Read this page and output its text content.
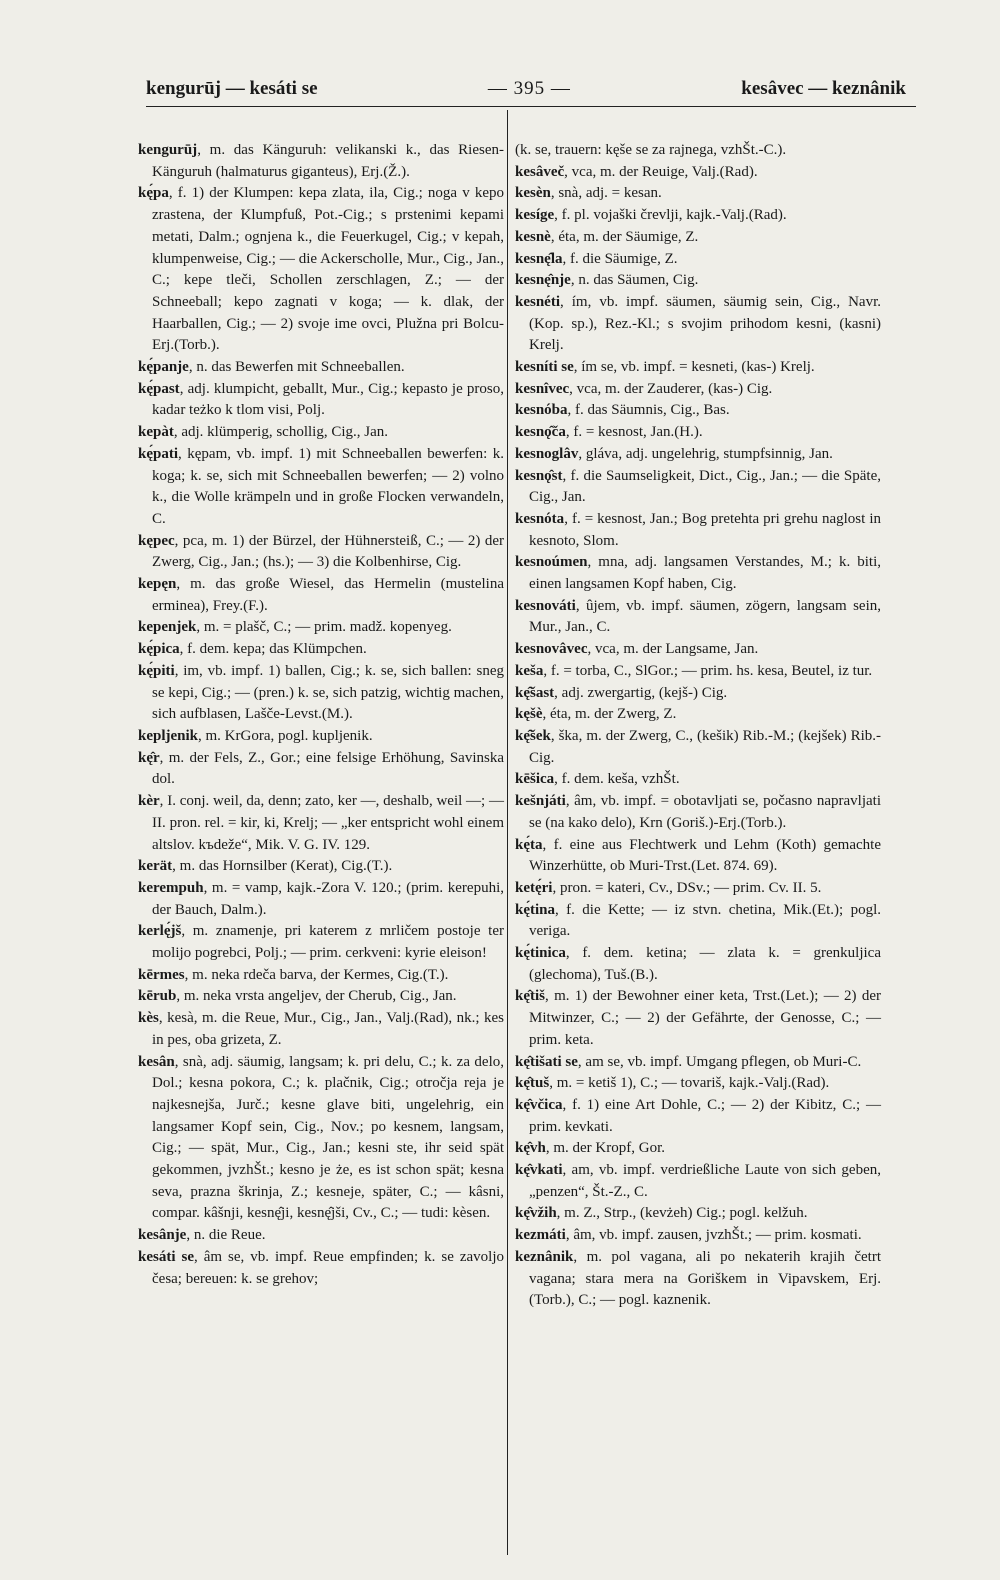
kengurūj — kesáti se	— 395 —	kesâvec — keznânik

kengurūj, m. das Känguruh: velikanski k., das Riesen-Känguruh (halmaturus giganteus), Erj.(Ž.).

kę́pa, f. 1) der Klumpen: kepa zlata, ila, Cig.; noga v kepo zrastena, der Klumpfuß, Pot.-Cig.; s prstenimi kepami metati, Dalm.; ognjena k., die Feuerkugel, Cig.; v kepah, klumpenweise, Cig.; — die Ackerscholle, Mur., Cig., Jan., C.; kepe tleči, Schollen zerschlagen, Z.; — der Schneeball; kepo zagnati v koga; — k. dlak, der Haarballen, Cig.; — 2) svoje ime ovci, Plužna pri Bolcu-Erj.(Torb.).

kę́panje, n. das Bewerfen mit Schneeballen.

kę́past, adj. klumpicht, geballt, Mur., Cig.; kepasto je proso, kadar teżko k tlom visi, Polj.

kepàt, adj. klümperig, schollig, Cig., Jan.

kę́pati, kępam, vb. impf. 1) mit Schneeballen bewerfen: k. koga; k. se, sich mit Schneeballen bewerfen; — 2) volno k., die Wolle krämpeln und in große Flocken verwandeln, C.

kępec, pca, m. 1) der Bürzel, der Hühnersteiß, C.; — 2) der Zwerg, Cig., Jan.; (hs.); — 3) die Kolbenhirse, Cig.

kepęn, m. das große Wiesel, das Hermelin (mustelina erminea), Frey.(F.).

kepenjek, m. = plašč, C.; — prim. madž. kopenyeg.

kę́pica, f. dem. kepa; das Klümpchen.

kę́piti, im, vb. impf. 1) ballen, Cig.; k. se, sich ballen: sneg se kepi, Cig.; — (pren.) k. se, sich patzig, wichtig machen, sich aufblasen, Lašče-Levst.(M.).

kepljenik, m. KrGora, pogl. kupljenik.

kę̂r, m. der Fels, Z., Gor.; eine felsige Erhöhung, Savinska dol.

kèr, I. conj. weil, da, denn; zato, ker —, deshalb, weil —; — II. pron. rel. = kir, ki, Krelj; — „ker entspricht wohl einem altslov. kъdeže“, Mik. V. G. IV. 129.

kerät, m. das Hornsilber (Kerat), Cig.(T.).

kerempuh, m. = vamp, kajk.-Zora V. 120.; (prim. kerepuhi, der Bauch, Dalm.).

kerlę́jš, m. znamenje, pri katerem z mrličem postoje ter molijo pogrebci, Polj.; — prim. cerkveni: kyrie eleison!

kērmes, m. neka rdeča barva, der Kermes, Cig.(T.).

kērub, m. neka vrsta angeljev, der Cherub, Cig., Jan.

kès, kesà, m. die Reue, Mur., Cig., Jan., Valj.(Rad), nk.; kes in pes, oba grizeta, Z.

kesân, snà, adj. säumig, langsam; k. pri delu, C.; k. za delo, Dol.; kesna pokora, C.; k. plačnik, Cig.; otročja reja je najkesnejša, Jurč.; kesne glave biti, ungelehrig, ein langsamer Kopf sein, Cig., Nov.; po kesnem, langsam, Cig.; — spät, Mur., Cig., Jan.; kesni ste, ihr seid spät gekommen, jvzhŠt.; kesno je że, es ist schon spät; kesna seva, prazna škrinja, Z.; kesneje, später, C.; — kâsni, compar. kâšnji, kesnę̂ji, kesnę̂jši, Cv., C.; — tudi: kèsen.

kesânje, n. die Reue.

kesáti se, âm se, vb. impf. Reue empfinden; k. se zavoljo česa; bereuen: k. se grehov;

(k. se, trauern: kęše se za rajnega, vzhŠt.-C.).

kesâveč, vca, m. der Reuige, Valj.(Rad).

kesèn, snà, adj. = kesan.

kesíge, f. pl. vojaški črevlji, kajk.-Valj.(Rad).

kesnè, éta, m. der Säumige, Z.

kesnę̂la, f. die Säumige, Z.

kesnę̂nje, n. das Säumen, Cig.

kesnéti, ím, vb. impf. säumen, säumig sein, Cig., Navr.(Kop. sp.), Rez.-Kl.; s svojim prihodom kesni, (kasni) Krelj.

kesníti se, ím se, vb. impf. = kesneti, (kas-) Krelj.

kesnîvec, vca, m. der Zauderer, (kas-) Cig.

kesnóba, f. das Säumnis, Cig., Bas.

kesnǫ̂ča, f. = kesnost, Jan.(H.).

kesnoglâv, gláva, adj. ungelehrig, stumpfsinnig, Jan.

kesnǫ̂st, f. die Saumseligkeit, Dict., Cig., Jan.; — die Späte, Cig., Jan.

kesnóta, f. = kesnost, Jan.; Bog pretehta pri grehu naglost in kesnoto, Slom.

kesnoúmen, mna, adj. langsamen Verstandes, M.; k. biti, einen langsamen Kopf haben, Cig.

kesnováti, ûjem, vb. impf. säumen, zögern, langsam sein, Mur., Jan., C.

kesnovâvec, vca, m. der Langsame, Jan.

keša, f. = torba, C., SlGor.; — prim. hs. kesa, Beutel, iz tur.

kę̂šast, adj. zwergartig, (kejš-) Cig.

kęšè, éta, m. der Zwerg, Z.

kę̂šek, ška, m. der Zwerg, C., (kešik) Rib.-M.; (kejšek) Rib.-Cig.

kēšica, f. dem. keša, vzhŠt.

kešnjáti, âm, vb. impf. = obotavljati se, počasno napravljati se (na kako delo), Krn (Goriš.)-Erj.(Torb.).

kę́ta, f. eine aus Flechtwerk und Lehm (Koth) gemachte Winzerhütte, ob Muri-Trst.(Let. 874. 69).

ketę́ri, pron. = kateri, Cv., DSv.; — prim. Cv. II. 5.

kę́tina, f. die Kette; — iz stvn. chetina, Mik.(Et.); pogl. veriga.

kę́tinica, f. dem. ketina; — zlata k. = grenkuljica (glechoma), Tuš.(B.).

kę̂tiš, m. 1) der Bewohner einer keta, Trst.(Let.); — 2) der Mitwinzer, C.; — 2) der Gefährte, der Genosse, C.; — prim. keta.

kę̂tišati se, am se, vb. impf. Umgang pflegen, ob Muri-C.

kę̂tuš, m. = ketiš 1), C.; — tovariš, kajk.-Valj.(Rad).

kę̂včica, f. 1) eine Art Dohle, C.; — 2) der Kibitz, C.; — prim. kevkati.

kę̂vh, m. der Kropf, Gor.

kę̂vkati, am, vb. impf. verdrießliche Laute von sich geben, „penzen“, Št.-Z., C.

kę̂vžih, m. Z., Strp., (kevżeh) Cig.; pogl. kelžuh.

kezmáti, âm, vb. impf. zausen, jvzhŠt.; — prim. kosmati.

keznânik, m. pol vagana, ali po nekaterih krajih četrt vagana; stara mera na Goriškem in Vipavskem, Erj.(Torb.), C.; — pogl. kaznenik.
